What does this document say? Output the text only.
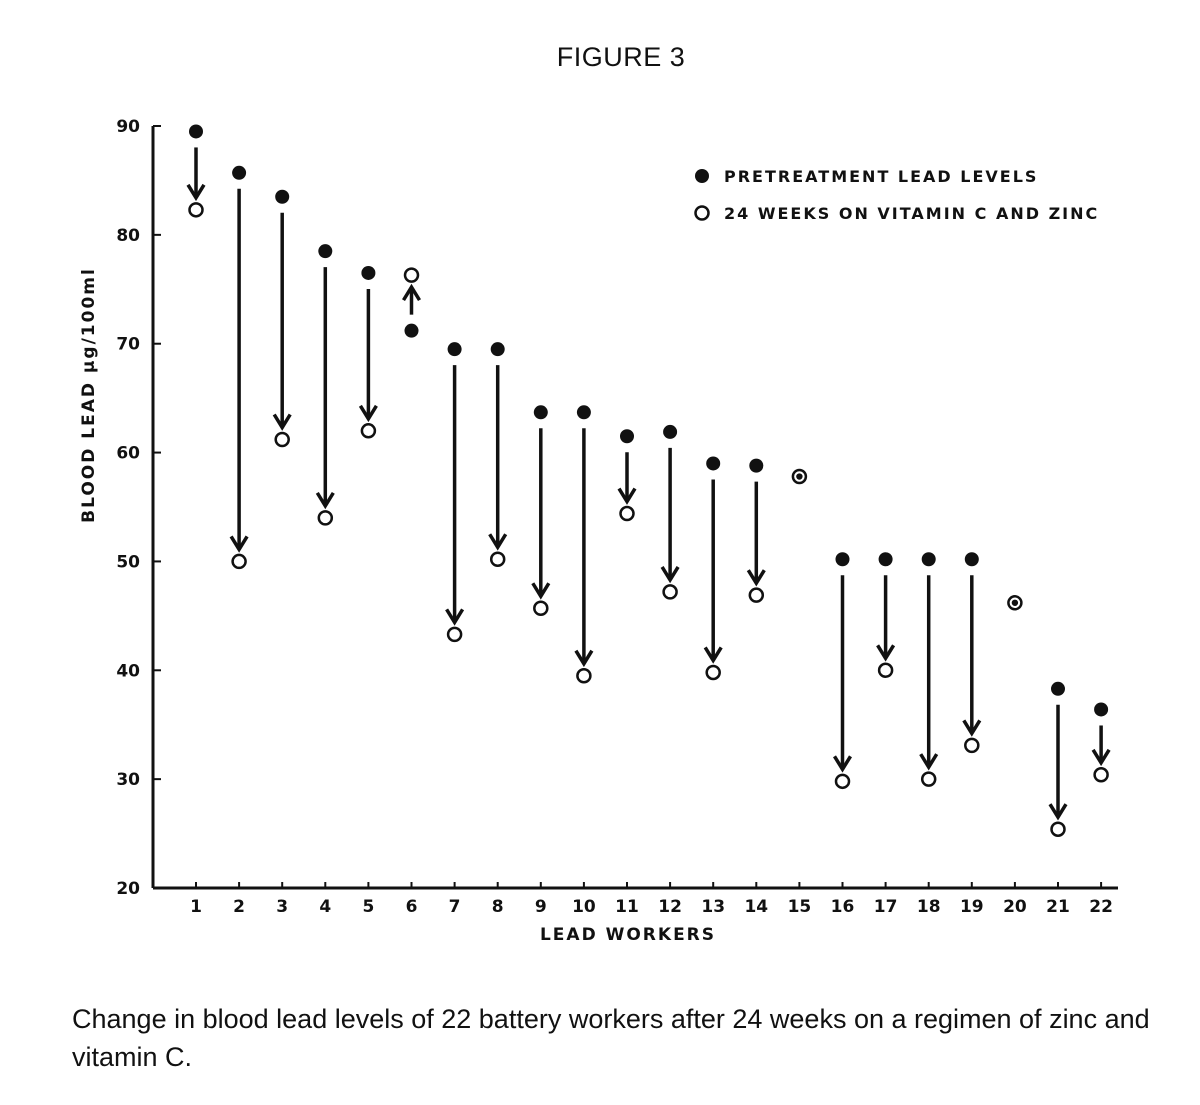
FIGURE 3
20
30
40
50
60
70
80
90
1 2 3 4 5 6 7 8 9 10 11 12 13 14 15 16 17 18 19 20 21 22
BLOOD LEAD µg/100ml
LEAD WORKERS
PRETREATMENT LEAD LEVELS
24 WEEKS ON VITAMIN C AND ZINC
Change in blood lead levels of 22 battery workers after 24 weeks on a regimen of zinc and vitamin C.
